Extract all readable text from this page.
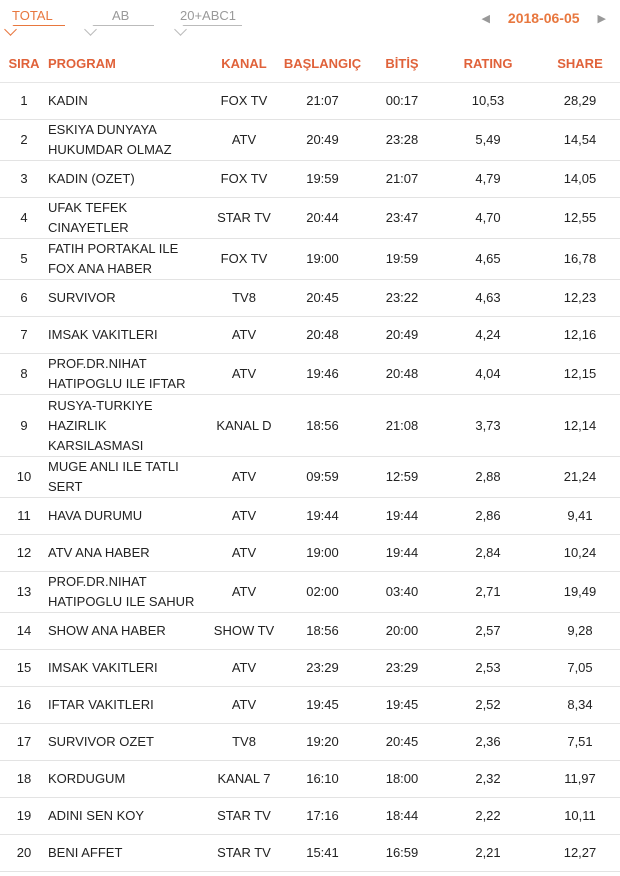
TOTAL	AB	20+ABC1	◀ 2018-06-05 ▶
SIRA	PROGRAM	KANAL	BAŞLANGIÇ	BİTİŞ	RATING	SHARE
1	KADIN	FOX TV	21:07	00:17	10,53	28,29
2	ESKIYA DUNYAYA
HUKUMDAR OLMAZ	ATV	20:49	23:28	5,49	14,54
3	KADIN (OZET)	FOX TV	19:59	21:07	4,79	14,05
4	UFAK TEFEK
CINAYETLER	STAR TV	20:44	23:47	4,70	12,55
5	FATIH PORTAKAL ILE
FOX ANA HABER	FOX TV	19:00	19:59	4,65	16,78
6	SURVIVOR	TV8	20:45	23:22	4,63	12,23
7	IMSAK VAKITLERI	ATV	20:48	20:49	4,24	12,16
8	PROF.DR.NIHAT
HATIPOGLU ILE IFTAR	ATV	19:46	20:48	4,04	12,15
9	RUSYA-TURKIYE
HAZIRLIK
KARSILASMASI	KANAL D	18:56	21:08	3,73	12,14
10	MUGE ANLI ILE TATLI
SERT	ATV	09:59	12:59	2,88	21,24
11	HAVA DURUMU	ATV	19:44	19:44	2,86	9,41
12	ATV ANA HABER	ATV	19:00	19:44	2,84	10,24
13	PROF.DR.NIHAT
HATIPOGLU ILE SAHUR	ATV	02:00	03:40	2,71	19,49
14	SHOW ANA HABER	SHOW TV	18:56	20:00	2,57	9,28
15	IMSAK VAKITLERI	ATV	23:29	23:29	2,53	7,05
16	IFTAR VAKITLERI	ATV	19:45	19:45	2,52	8,34
17	SURVIVOR OZET	TV8	19:20	20:45	2,36	7,51
18	KORDUGUM	KANAL 7	16:10	18:00	2,32	11,97
19	ADINI SEN KOY	STAR TV	17:16	18:44	2,22	10,11
20	BENI AFFET	STAR TV	15:41	16:59	2,21	12,27
